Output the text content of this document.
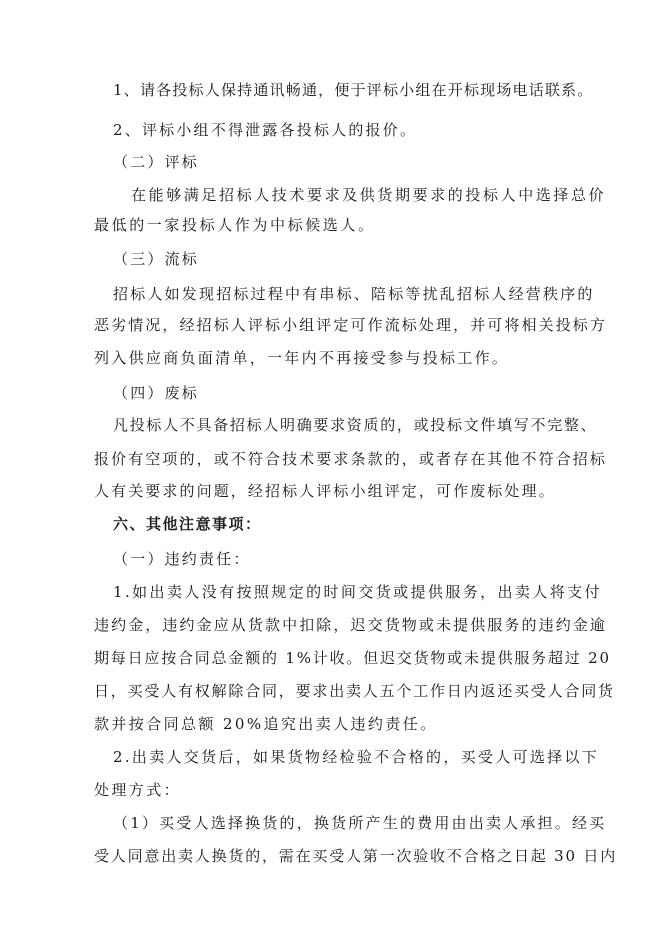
1、请各投标人保持通讯畅通，便于评标小组在开标现场电话联系。
2、评标小组不得泄露各投标人的报价。
（二）评标
在能够满足招标人技术要求及供货期要求的投标人中选择总价
最低的一家投标人作为中标候选人。
（三）流标
招标人如发现招标过程中有串标、陪标等扰乱招标人经营秩序的
恶劣情况，经招标人评标小组评定可作流标处理，并可将相关投标方
列入供应商负面清单，一年内不再接受参与投标工作。
（四）废标
凡投标人不具备招标人明确要求资质的，或投标文件填写不完整、
报价有空项的，或不符合技术要求条款的，或者存在其他不符合招标
人有关要求的问题，经招标人评标小组评定，可作废标处理。
六、其他注意事项：
（一）违约责任：
1.如出卖人没有按照规定的时间交货或提供服务，出卖人将支付
违约金，违约金应从货款中扣除，迟交货物或未提供服务的违约金逾
期每日应按合同总金额的 1%计收。但迟交货物或未提供服务超过 20
日，买受人有权解除合同，要求出卖人五个工作日内返还买受人合同货
款并按合同总额 20%追究出卖人违约责任。
2.出卖人交货后，如果货物经检验不合格的，买受人可选择以下
处理方式：
（1）买受人选择换货的，换货所产生的费用由出卖人承担。经买
受人同意出卖人换货的，需在买受人第一次验收不合格之日起 30 日内
